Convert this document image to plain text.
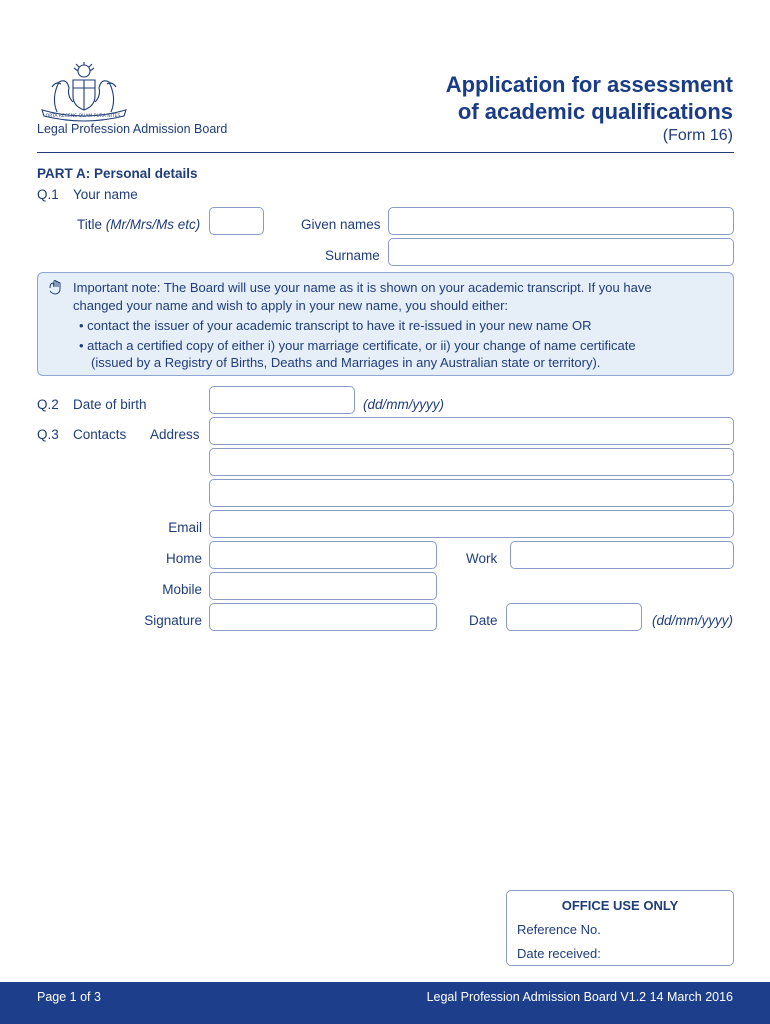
ORTA RECENS QUAM PURA NITES
Legal Profession Admission Board
Application for assessment
of academic qualifications
(Form 16)
PART A: Personal details
Q.1 Your name
Title (Mr/Mrs/Ms etc)	Given names
Surname
Important note: The Board will use your name as it is shown on your academic transcript. If you have
changed your name and wish to apply in your new name, you should either:
• contact the issuer of your academic transcript to have it re-issued in your new name OR
• attach a certified copy of either i) your marriage certificate, or ii) your change of name certificate
(issued by a Registry of Births, Deaths and Marriages in any Australian state or territory).
Q.2 Date of birth	(dd/mm/yyyy)
Q.3 Contacts Address
Email
Home	Work
Mobile
Signature	Date	(dd/mm/yyyy)
OFFICE USE ONLY
Reference No.
Date received:
Page 1 of 3	Legal Profession Admission Board V1.2 14 March 2016
